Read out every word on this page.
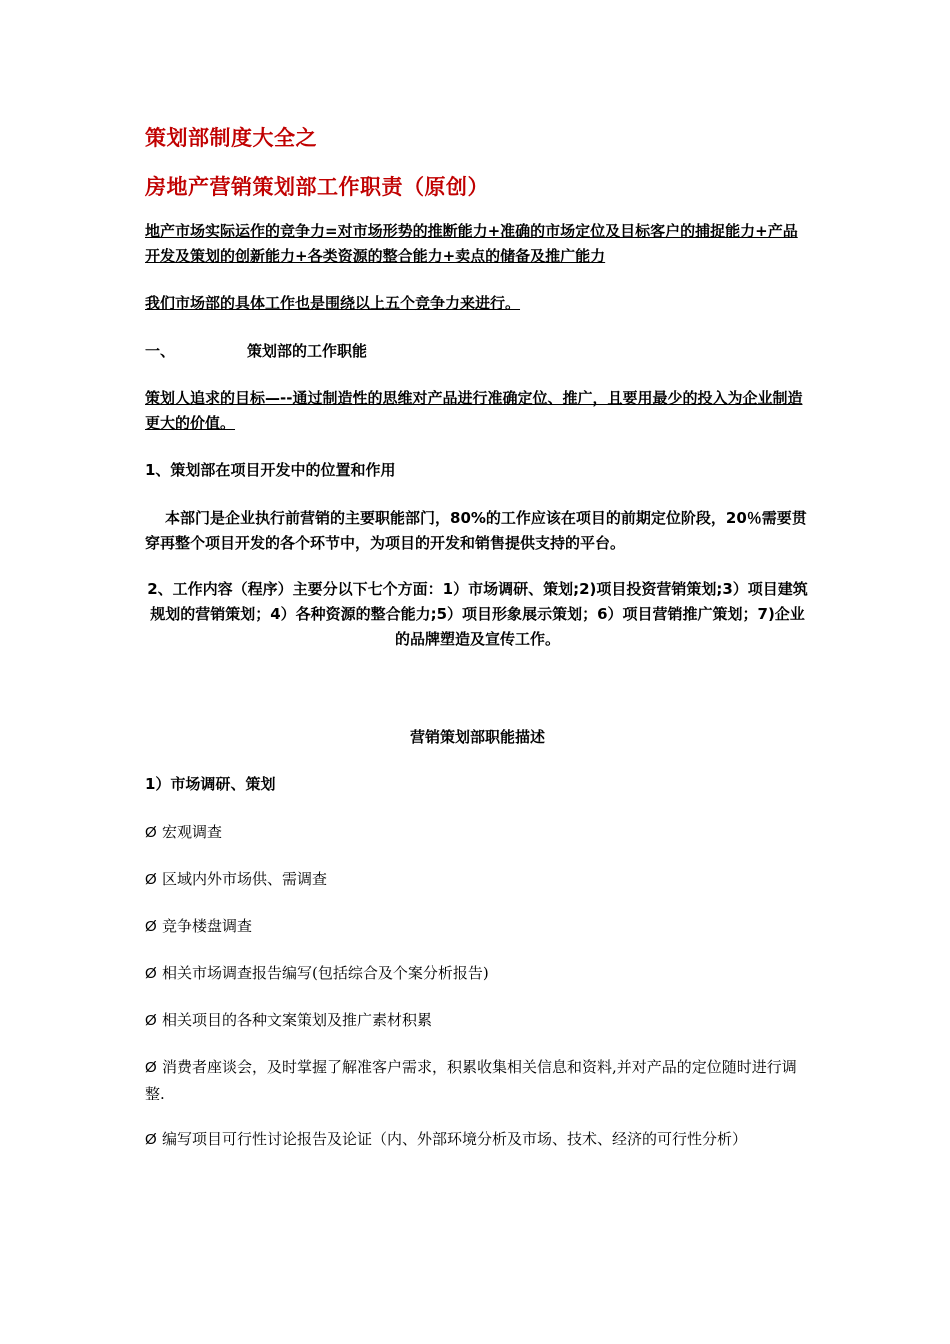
策划部制度大全之
房地产营销策划部工作职责（原创）
地产市场实际运作的竞争力=对市场形势的推断能力+准确的市场定位及目标客户的捕捉能力+产品开发及策划的创新能力+各类资源的整合能力+卖点的储备及推广能力
我们市场部的具体工作也是围绕以上五个竞争力来进行。
一、	策划部的工作职能
策划人追求的目标—--通过制造性的思维对产品进行准确定位、推广，且要用最少的投入为企业制造更大的价值。
1、策划部在项目开发中的位置和作用
本部门是企业执行前营销的主要职能部门，80%的工作应该在项目的前期定位阶段，20％需要贯穿再整个项目开发的各个环节中，为项目的开发和销售提供支持的平台。
2、工作内容（程序）主要分以下七个方面：1）市场调研、策划;2)项目投资营销策划;3）项目建筑规划的营销策划；4）各种资源的整合能力;5）项目形象展示策划；6）项目营销推广策划；7)企业的品牌塑造及宣传工作。
营销策划部职能描述
1）市场调研、策划
Ø 宏观调查
Ø 区域内外市场供、需调查
Ø 竞争楼盘调查
Ø 相关市场调查报告编写(包括综合及个案分析报告)
Ø 相关项目的各种文案策划及推广素材积累
Ø 消费者座谈会，及时掌握了解准客户需求，积累收集相关信息和资料,并对产品的定位随时进行调整.
Ø 编写项目可行性讨论报告及论证（内、外部环境分析及市场、技术、经济的可行性分析）
